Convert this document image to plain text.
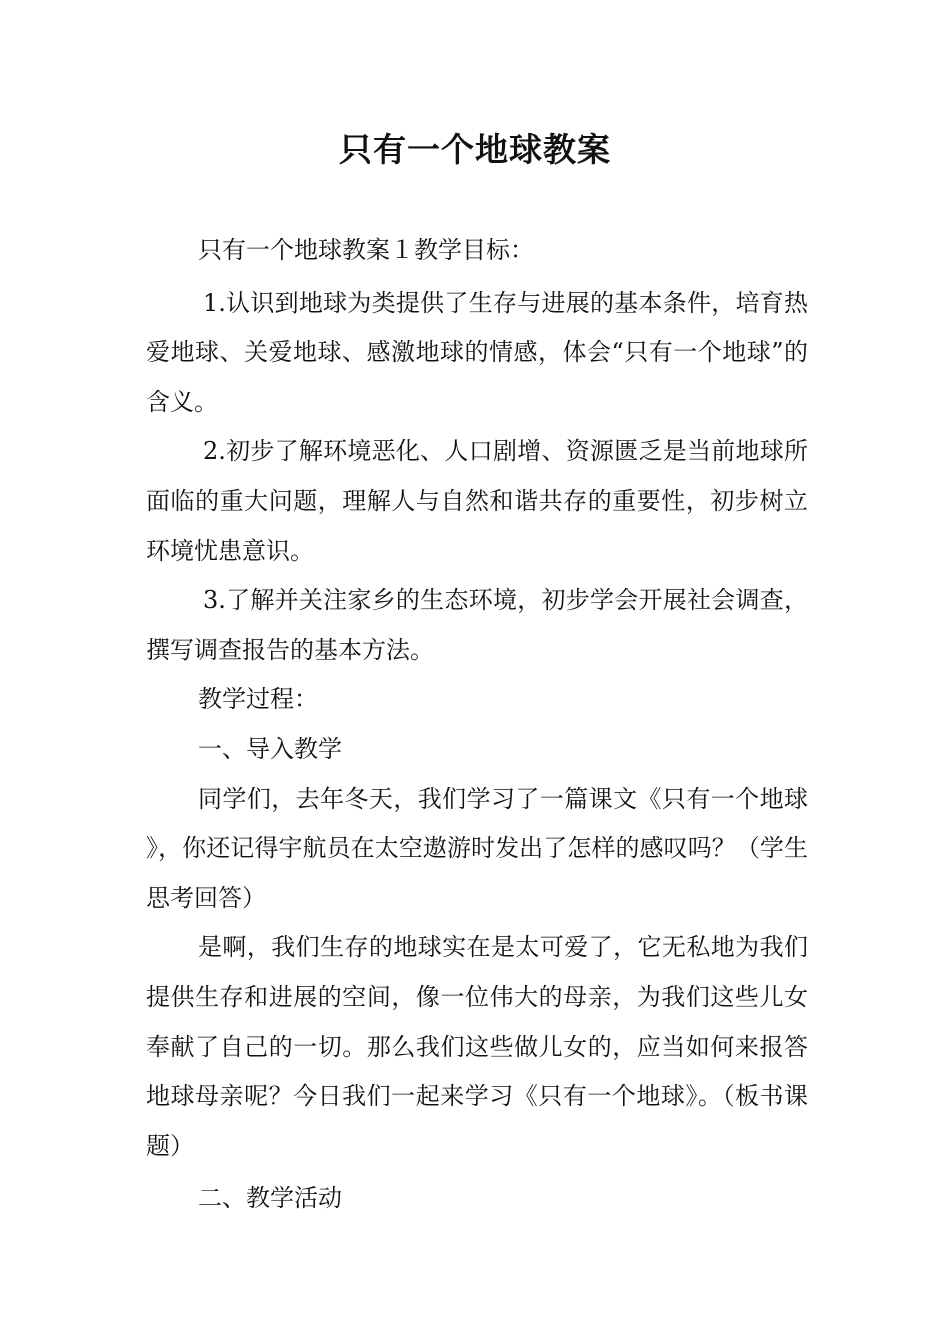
只有一个地球教案

只有一个地球教案１教学目标：

1.认识到地球为类提供了生存与进展的基本条件，培育热爱地球、关爱地球、感激地球的情感，体会“只有一个地球”的含义。

2.初步了解环境恶化、人口剧增、资源匮乏是当前地球所面临的重大问题，理解人与自然和谐共存的重要性，初步树立环境忧患意识。

3.了解并关注家乡的生态环境，初步学会开展社会调查，撰写调查报告的基本方法。

教学过程：

一、导入教学

同学们，去年冬天，我们学习了一篇课文《只有一个地球》，你还记得宇航员在太空遨游时发出了怎样的感叹吗？（学生思考回答）

是啊，我们生存的地球实在是太可爱了，它无私地为我们提供生存和进展的空间，像一位伟大的母亲，为我们这些儿女奉献了自己的一切。那么我们这些做儿女的，应当如何来报答地球母亲呢？今日我们一起来学习《只有一个地球》。（板书课题）

二、教学活动
